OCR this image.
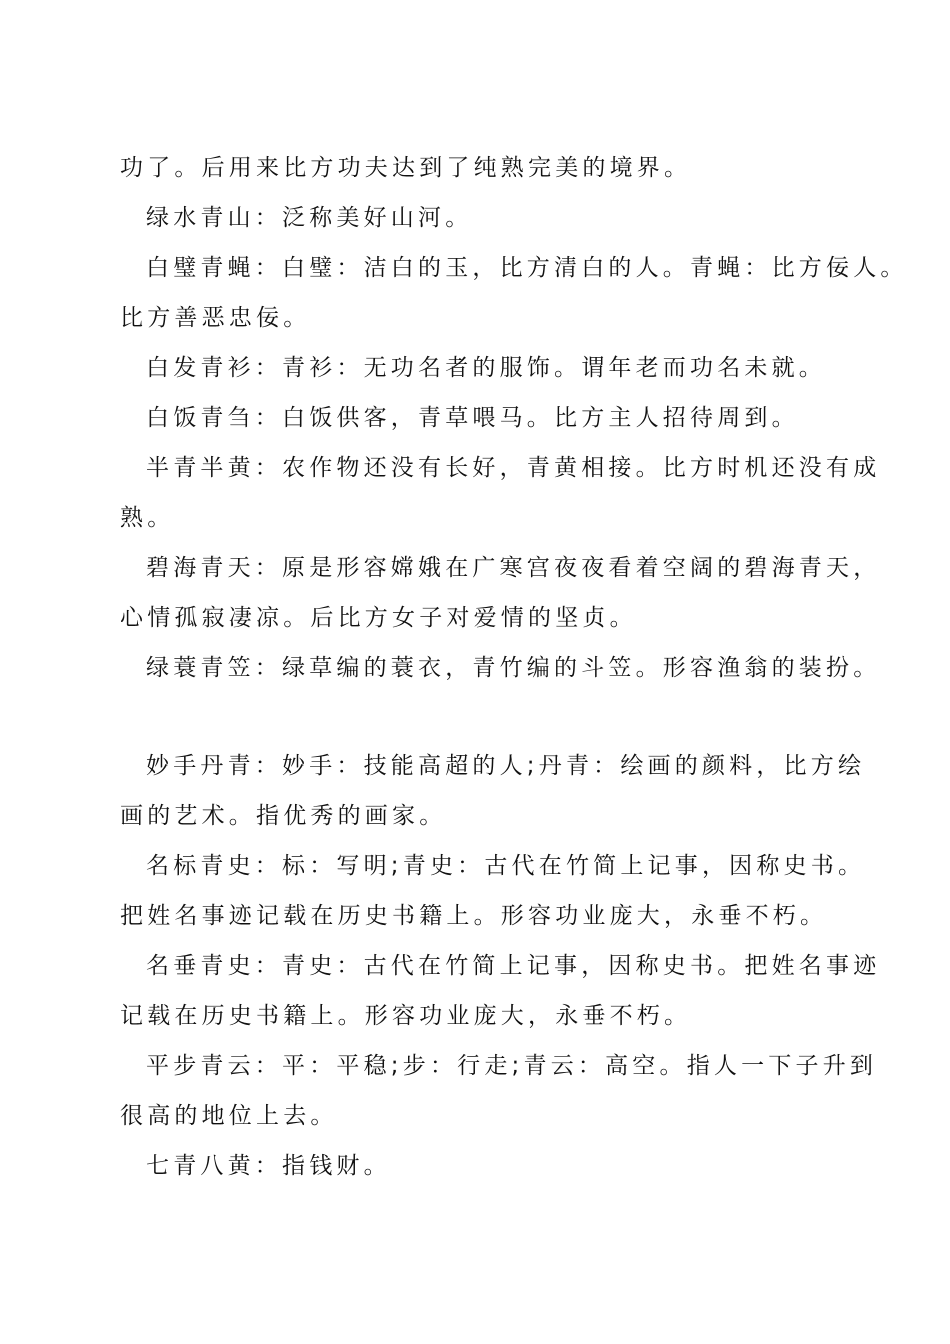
功了。后用来比方功夫达到了纯熟完美的境界。
绿水青山：泛称美好山河。
白璧青蝇：白璧：洁白的玉，比方清白的人。青蝇：比方佞人。
比方善恶忠佞。
白发青衫：青衫：无功名者的服饰。谓年老而功名未就。
白饭青刍：白饭供客，青草喂马。比方主人招待周到。
半青半黄：农作物还没有长好，青黄相接。比方时机还没有成
熟。
碧海青天：原是形容嫦娥在广寒宫夜夜看着空阔的碧海青天，
心情孤寂凄凉。后比方女子对爱情的坚贞。
绿蓑青笠：绿草编的蓑衣，青竹编的斗笠。形容渔翁的装扮。
妙手丹青：妙手：技能高超的人;丹青：绘画的颜料，比方绘
画的艺术。指优秀的画家。
名标青史：标：写明;青史：古代在竹简上记事，因称史书。
把姓名事迹记载在历史书籍上。形容功业庞大，永垂不朽。
名垂青史：青史：古代在竹简上记事，因称史书。把姓名事迹
记载在历史书籍上。形容功业庞大，永垂不朽。
平步青云：平：平稳;步：行走;青云：高空。指人一下子升到
很高的地位上去。
七青八黄：指钱财。
